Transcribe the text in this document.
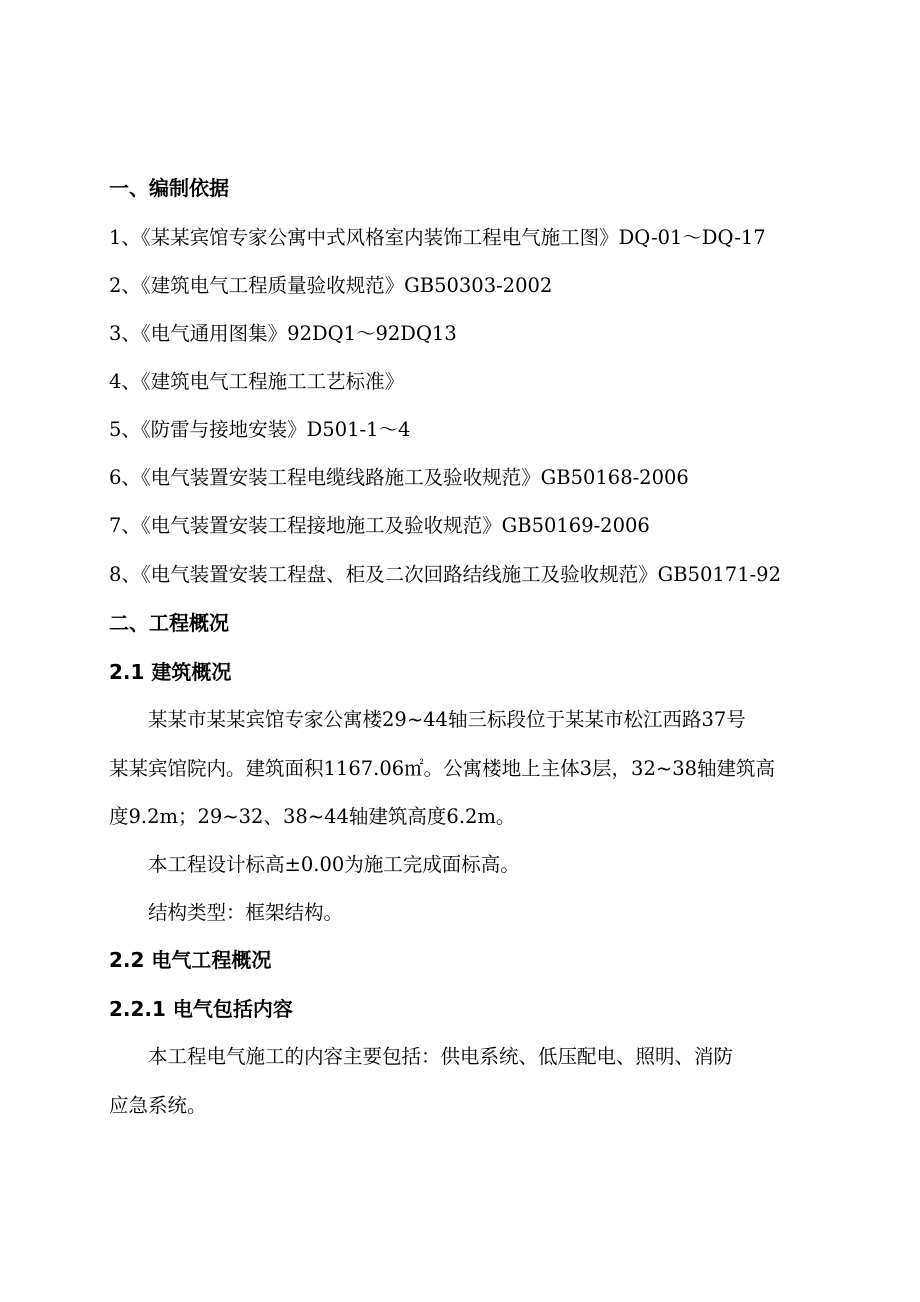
一、编制依据
1、《某某宾馆专家公寓中式风格室内装饰工程电气施工图》DQ-01～DQ-17
2、《建筑电气工程质量验收规范》GB50303-2002
3、《电气通用图集》92DQ1～92DQ13
4、《建筑电气工程施工工艺标准》
5、《防雷与接地安装》D501-1～4
6、《电气装置安装工程电缆线路施工及验收规范》GB50168-2006
7、《电气装置安装工程接地施工及验收规范》GB50169-2006
8、《电气装置安装工程盘、柜及二次回路结线施工及验收规范》GB50171-92
二、工程概况
2.1 建筑概况
某某市某某宾馆专家公寓楼29~44轴三标段位于某某市松江西路37号
某某宾馆院内。建筑面积1167.06㎡。公寓楼地上主体3层，32~38轴建筑高
度9.2m；29~32、38~44轴建筑高度6.2m。
本工程设计标高±0.00为施工完成面标高。
结构类型：框架结构。
2.2 电气工程概况
2.2.1 电气包括内容
本工程电气施工的内容主要包括：供电系统、低压配电、照明、消防
应急系统。
